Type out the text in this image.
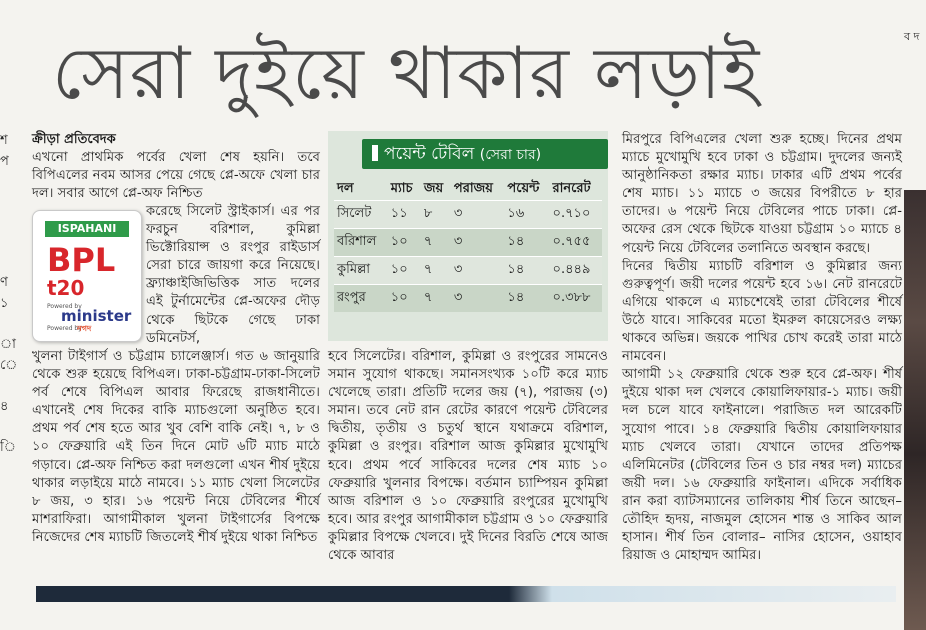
সেরা দুইয়ে থাকার লড়াই
শ
প
ণ
১
া
ে
৪
ি
ব দ

ক্রীড়া প্রতিবেদক

এখনো প্রাথমিক পর্বের খেলা শেষ হয়নি। তবে বিপিএলের নবম আসর পেয়ে গেছে প্লে-অফে খেলা চার দল। সবার আগে প্লে-অফ নিশ্চিত

করেছে সিলেট স্ট্রাইকার্স। এর পর ফরচুন বরিশাল, কুমিল্লা ভিক্টোরিয়ান্স ও রংপুর রাইডার্স সেরা চারে জায়গা করে নিয়েছে। ফ্র্যাঞ্চাইজিভিত্তিক সাত দলের এই টুর্নামেন্টের প্লে-অফের দৌড় থেকে ছিটকে গেছে ঢাকা ডমিনেটর্স,

খুলনা টাইগার্স ও চট্টগ্রাম চ্যালেঞ্জার্স। গত ৬ জানুয়ারি থেকে শুরু হয়েছে বিপিএল। ঢাকা-চট্টগ্রাম-ঢাকা-সিলেট পর্ব শেষে বিপিএল আবার ফিরেছে রাজধানীতে। এখানেই শেষ দিকের বাকি ম্যাচগুলো অনুষ্ঠিত হবে। প্রথম পর্ব শেষ হতে আর খুব বেশি বাকি নেই। ৭, ৮ ও ১০ ফেব্রুয়ারি এই তিন দিনে মোট ৬টি ম্যাচ মাঠে গড়াবে। প্লে-অফ নিশ্চিত করা দলগুলো এখন শীর্ষ দুইয়ে থাকার লড়াইয়ে মাঠে নামবে। ১১ ম্যাচ খেলা সিলেটের ৮ জয়, ৩ হার। ১৬ পয়েন্ট নিয়ে টেবিলের শীর্ষে মাশরাফিরা। আগামীকাল খুলনা টাইগার্সের বিপক্ষে নিজেদের শেষ ম্যাচটি জিতলেই শীর্ষ দুইয়ে থাকা নিশ্চিত

ISPAHANI
BPL
t20
Powered by
minister
Powered by
নগদ
পয়েন্ট টেবিল (সেরা চার)
দল	ম্যাচ	জয়	পরাজয়	পয়েন্ট	রানরেট
সিলেট	১১	৮	৩	১৬	০.৭১০
বরিশাল	১০	৭	৩	১৪	০.৭৫৫
কুমিল্লা	১০	৭	৩	১৪	০.৪৪৯
রংপুর	১০	৭	৩	১৪	০.৩৮৮

হবে সিলেটের। বরিশাল, কুমিল্লা ও রংপুরের সামনেও সমান সুযোগ থাকছে। সমানসংখ্যক ১০টি করে ম্যাচ খেলেছে তারা। প্রতিটি দলের জয় (৭), পরাজয় (৩) সমান। তবে নেট রান রেটের কারণে পয়েন্ট টেবিলের দ্বিতীয়, তৃতীয় ও চতুর্থ স্থানে যথাক্রমে বরিশাল, কুমিল্লা ও রংপুর। বরিশাল আজ কুমিল্লার মুখোমুখি হবে। প্রথম পর্বে সাকিবের দলের শেষ ম্যাচ ১০ ফেব্রুয়ারি খুলনার বিপক্ষে। বর্তমান চ্যাম্পিয়ন কুমিল্লা আজ বরিশাল ও ১০ ফেব্রুয়ারি রংপুরের মুখোমুখি হবে। আর রংপুর আগামীকাল চট্টগ্রাম ও ১০ ফেব্রুয়ারি কুমিল্লার বিপক্ষে খেলবে। দুই দিনের বিরতি শেষে আজ থেকে আবার

মিরপুরে বিপিএলের খেলা শুরু হচ্ছে। দিনের প্রথম ম্যাচে মুখোমুখি হবে ঢাকা ও চট্টগ্রাম। দুদলের জন্যই আনুষ্ঠানিকতা রক্ষার ম্যাচ। ঢাকার এটি প্রথম পর্বের শেষ ম্যাচ। ১১ ম্যাচে ৩ জয়ের বিপরীতে ৮ হার তাদের। ৬ পয়েন্ট নিয়ে টেবিলের পাচে ঢাকা। প্লে-অফের রেস থেকে ছিটকে যাওয়া চট্টগ্রাম ১০ ম্যাচে ৪ পয়েন্ট নিয়ে টেবিলের তলানিতে অবস্থান করছে।

দিনের দ্বিতীয় ম্যাচটি বরিশাল ও কুমিল্লার জন্য গুরুত্বপূর্ণ। জয়ী দলের পয়েন্ট হবে ১৬। নেট রানরেটে এগিয়ে থাকলে এ ম্যাচশেষেই তারা টেবিলের শীর্ষে উঠে যাবে। সাকিবের মতো ইমরুল কায়েসেরও লক্ষ্য থাকবে অভিন্ন। জয়কে পাখির চোখ করেই তারা মাঠে নামবেন।

আগামী ১২ ফেব্রুয়ারি থেকে শুরু হবে প্লে-অফ। শীর্ষ দুইয়ে থাকা দল খেলবে কোয়ালিফায়ার-১ ম্যাচ। জয়ী দল চলে যাবে ফাইনালে। পরাজিত দল আরেকটি সুযোগ পাবে। ১৪ ফেব্রুয়ারি দ্বিতীয় কোয়ালিফায়ার ম্যাচ খেলবে তারা। যেখানে তাদের প্রতিপক্ষ এলিমিনেটর (টেবিলের তিন ও চার নম্বর দল) ম্যাচের জয়ী দল। ১৬ ফেব্রুয়ারি ফাইনাল। এদিকে সর্বাধিক রান করা ব্যাটসম্যানের তালিকায় শীর্ষ তিনে আছেন– তৌহিদ হৃদয়, নাজমুল হোসেন শান্ত ও সাকিব আল হাসান। শীর্ষ তিন বোলার– নাসির হোসেন, ওয়াহাব রিয়াজ ও মোহাম্মদ আমির।
